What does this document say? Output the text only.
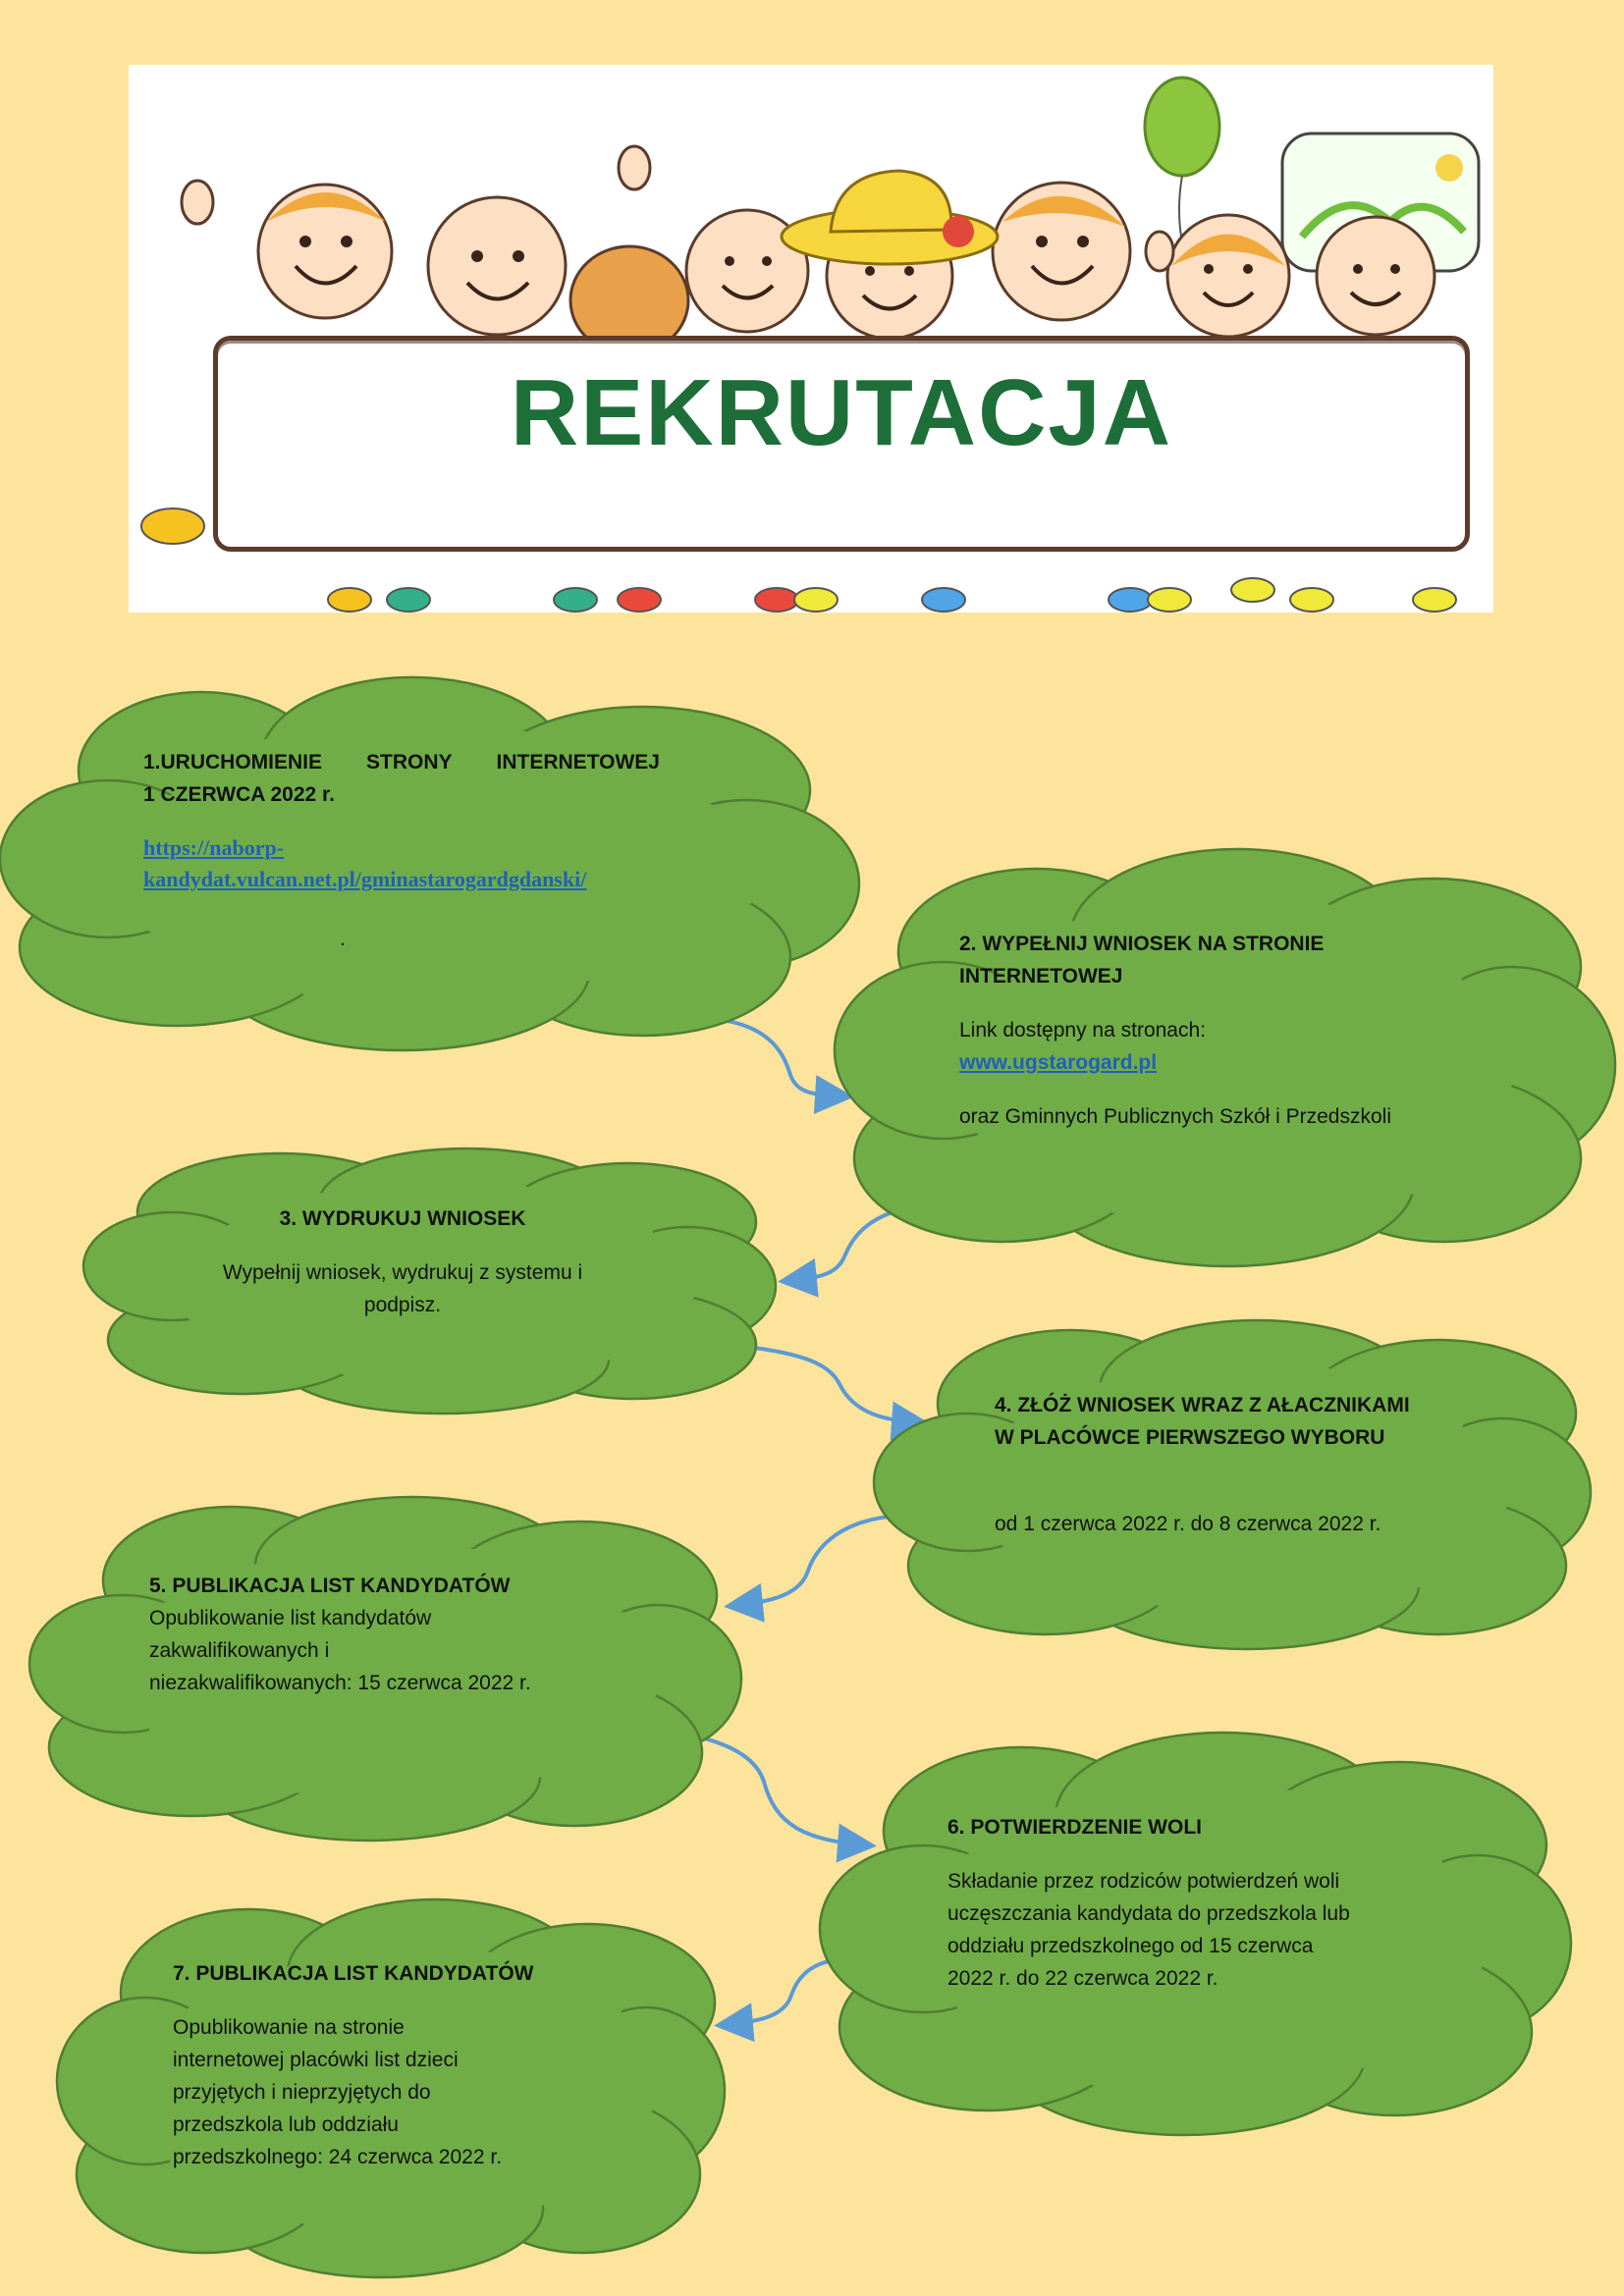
REKRUTACJA

1.URUCHOMIENIE STRONY INTERNETOWEJ

1 CZERWCA 2022 r.

https://naborp-

kandydat.vulcan.net.pl/gminastarogardgdanski/

.	2. WYPEŁNIJ WNIOSEK NA STRONIE

INTERNETOWEJ

Link dostępny na stronach:

www.ugstarogard.pl

oraz Gminnych Publicznych Szkół i Przedszkoli

3. WYDRUKUJ WNIOSEK

Wypełnij wniosek, wydrukuj z systemu i

podpisz.

4. ZŁÓŻ WNIOSEK WRAZ Z AŁACZNIKAMI

W PLACÓWCE PIERWSZEGO WYBORU

od 1 czerwca 2022 r. do 8 czerwca 2022 r.

5. PUBLIKACJA LIST KANDYDATÓW

Opublikowanie list kandydatów

zakwalifikowanych i

niezakwalifikowanych: 15 czerwca 2022 r.

6. POTWIERDZENIE WOLI

Składanie przez rodziców potwierdzeń woli

uczęszczania kandydata do przedszkola lub

oddziału przedszkolnego od 15 czerwca

2022 r. do 22 czerwca 2022 r.

7. PUBLIKACJA LIST KANDYDATÓW

Opublikowanie na stronie

internetowej placówki list dzieci

przyjętych i nieprzyjętych do

przedszkola lub oddziału

przedszkolnego: 24 czerwca 2022 r.
